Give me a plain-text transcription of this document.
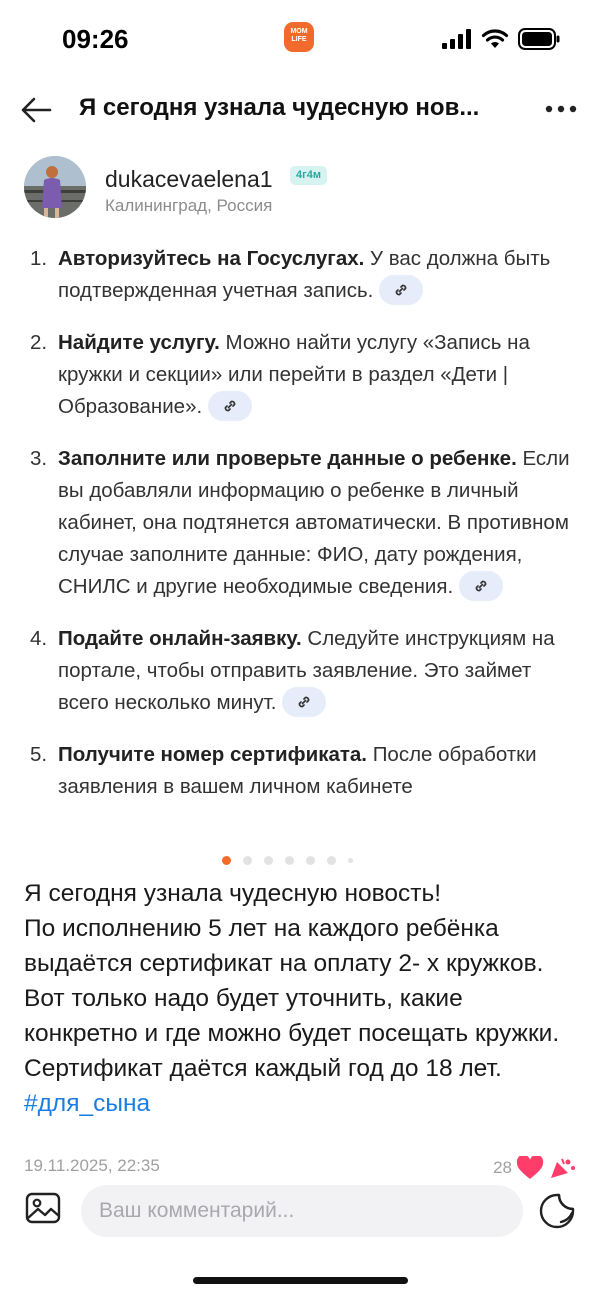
09:26	MOM LIFE
Я сегодня узнала чудесную нов...
dukacevaelena1	4г4м
Калининград, Россия
1. Авторизуйтесь на Госуслугах. У вас должна быть подтвержденная учетная запись.
2. Найдите услугу. Можно найти услугу «Запись на кружки и секции» или перейти в раздел «Дети | Образование».
3. Заполните или проверьте данные о ребенке. Если вы добавляли информацию о ребенке в личный кабинет, она подтянется автоматически. В противном случае заполните данные: ФИО, дату рождения, СНИЛС и другие необходимые сведения.
4. Подайте онлайн-заявку. Следуйте инструкциям на портале, чтобы отправить заявление. Это займет всего несколько минут.
5. Получите номер сертификата. После обработки заявления в вашем личном кабинете

Я сегодня узнала чудесную новость!
По исполнению 5 лет на каждого ребёнка выдаётся сертификат на оплату 2- х кружков. Вот только надо будет уточнить, какие конкретно и где можно будет посещать кружки. Сертификат даётся каждый год до 18 лет.

#для_сына
19.11.2025, 22:35	28
Ваш комментарий...
